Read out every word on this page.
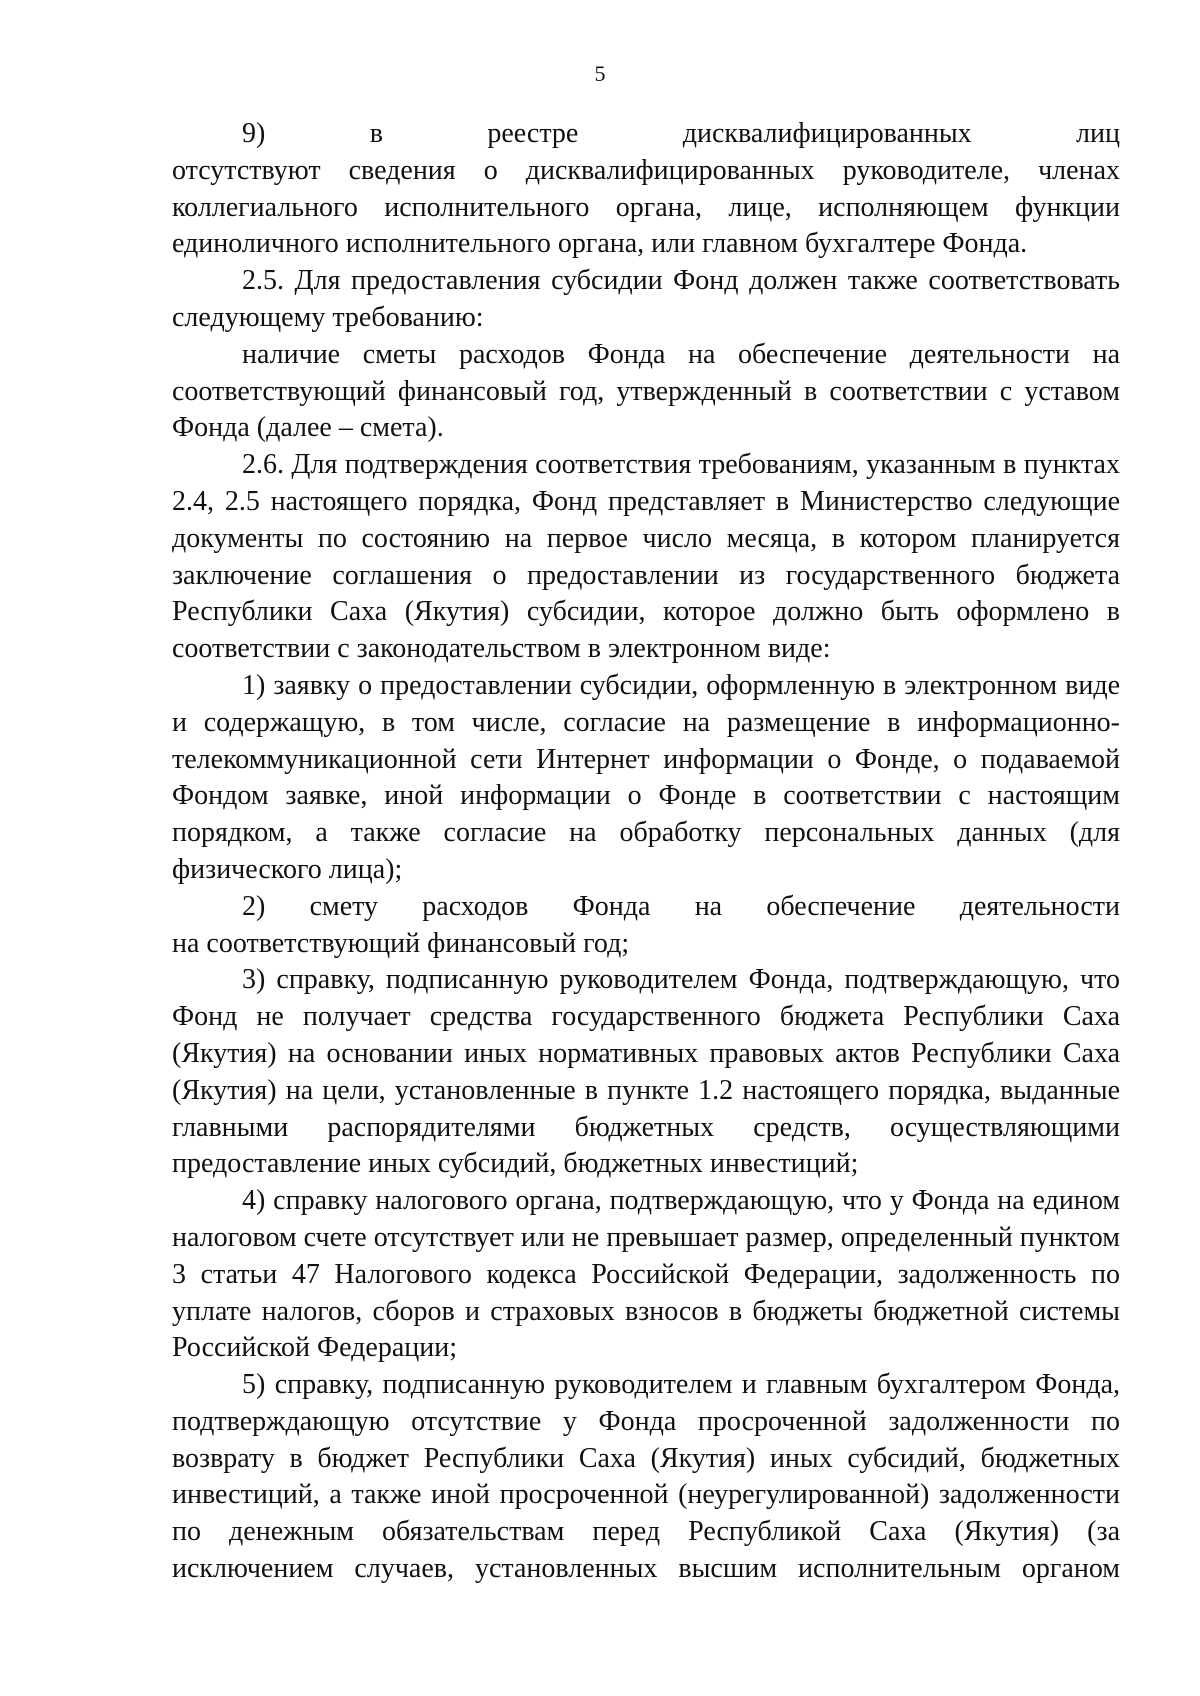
5

9) в реестре дисквалифицированных лиц

отсутствуют сведения о дисквалифицированных руководителе, членах коллегиального исполнительного органа, лице, исполняющем функции единоличного исполнительного органа, или главном бухгалтере Фонда.

2.5. Для предоставления субсидии Фонд должен также соответствовать следующему требованию:

наличие сметы расходов Фонда на обеспечение деятельности на соответствующий финансовый год, утвержденный в соответствии с уставом Фонда (далее – смета).

2.6. Для подтверждения соответствия требованиям, указанным в пунктах 2.4, 2.5 настоящего порядка, Фонд представляет в Министерство следующие документы по состоянию на первое число месяца, в котором планируется заключение соглашения о предоставлении из государственного бюджета Республики Саха (Якутия) субсидии, которое должно быть оформлено в соответствии с законодательством в электронном виде:

1) заявку о предоставлении субсидии, оформленную в электронном виде и содержащую, в том числе, согласие на размещение в информационно-телекоммуникационной сети Интернет информации о Фонде, о подаваемой Фондом заявке, иной информации о Фонде в соответствии с настоящим порядком, а также согласие на обработку персональных данных (для физического лица);

2) смету расходов Фонда на обеспечение деятельности

на соответствующий финансовый год;

3) справку, подписанную руководителем Фонда, подтверждающую, что Фонд не получает средства государственного бюджета Республики Саха (Якутия) на основании иных нормативных правовых актов Республики Саха (Якутия) на цели, установленные в пункте 1.2 настоящего порядка, выданные главными распорядителями бюджетных средств, осуществляющими предоставление иных субсидий, бюджетных инвестиций;

4) справку налогового органа, подтверждающую, что у Фонда на едином налоговом счете отсутствует или не превышает размер, определенный пунктом 3 статьи 47 Налогового кодекса Российской Федерации, задолженность по уплате налогов, сборов и страховых взносов в бюджеты бюджетной системы Российской Федерации;

5) справку, подписанную руководителем и главным бухгалтером Фонда, подтверждающую отсутствие у Фонда просроченной задолженности по возврату в бюджет Республики Саха (Якутия) иных субсидий, бюджетных инвестиций, а также иной просроченной (неурегулированной) задолженности по денежным обязательствам перед Республикой Саха (Якутия) (за исключением случаев, установленных высшим исполнительным органом
